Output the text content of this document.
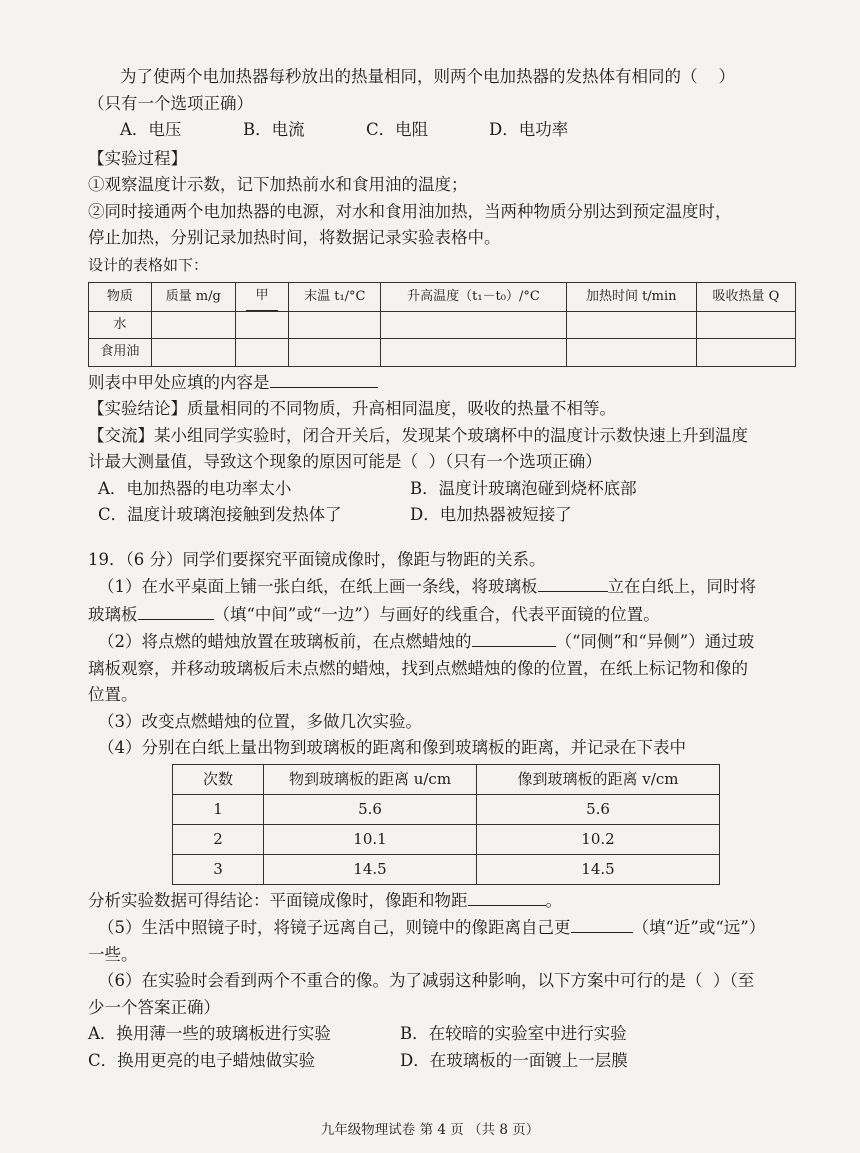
为了使两个电加热器每秒放出的热量相同，则两个电加热器的发热体有相同的（    ）

（只有一个选项正确）

A．电压	B．电流	C．电阻	D．电功率

【实验过程】

①观察温度计示数，记下加热前水和食用油的温度；

②同时接通两个电加热器的电源，对水和食用油加热，当两种物质分别达到预定温度时，

停止加热，分别记录加热时间，将数据记录实验表格中。

设计的表格如下：

物质	质量 m/g	甲	末温 t₁/°C	升高温度（t₁－t₀）/°C	加热时间 t/min	吸收热量 Q
水						
食用油						

则表中甲处应填的内容是

【实验结论】质量相同的不同物质，升高相同温度，吸收的热量不相等。

【交流】某小组同学实验时，闭合开关后，发现某个玻璃杯中的温度计示数快速上升到温度

计最大测量值，导致这个现象的原因可能是（  ）（只有一个选项正确）

A．电加热器的电功率太小	B．温度计玻璃泡碰到烧杯底部
C．温度计玻璃泡接触到发热体了	D．电加热器被短接了

19．（6 分）同学们要探究平面镜成像时，像距与物距的关系。

（1）在水平桌面上铺一张白纸，在纸上画一条线，将玻璃板	立在白纸上，同时将

玻璃板	（填“中间”或“一边”）与画好的线重合，代表平面镜的位置。

（2）将点燃的蜡烛放置在玻璃板前，在点燃蜡烛的	（“同侧”和“异侧”）通过玻

璃板观察，并移动玻璃板后未点燃的蜡烛，找到点燃蜡烛的像的位置，在纸上标记物和像的

位置。

（3）改变点燃蜡烛的位置，多做几次实验。

（4）分别在白纸上量出物到玻璃板的距离和像到玻璃板的距离，并记录在下表中

次数	物到玻璃板的距离 u/cm	像到玻璃板的距离 v/cm
1	5.6	5.6
2	10.1	10.2
3	14.5	14.5

分析实验数据可得结论：平面镜成像时，像距和物距	。

（5）生活中照镜子时，将镜子远离自己，则镜中的像距离自己更	（填“近”或“远”）

一些。

（6）在实验时会看到两个不重合的像。为了减弱这种影响，以下方案中可行的是（  ）（至

少一个答案正确）

A．换用薄一些的玻璃板进行实验	B．在较暗的实验室中进行实验
C．换用更亮的电子蜡烛做实验	D．在玻璃板的一面镀上一层膜
九年级物理试卷 第 4 页 （共 8 页）
